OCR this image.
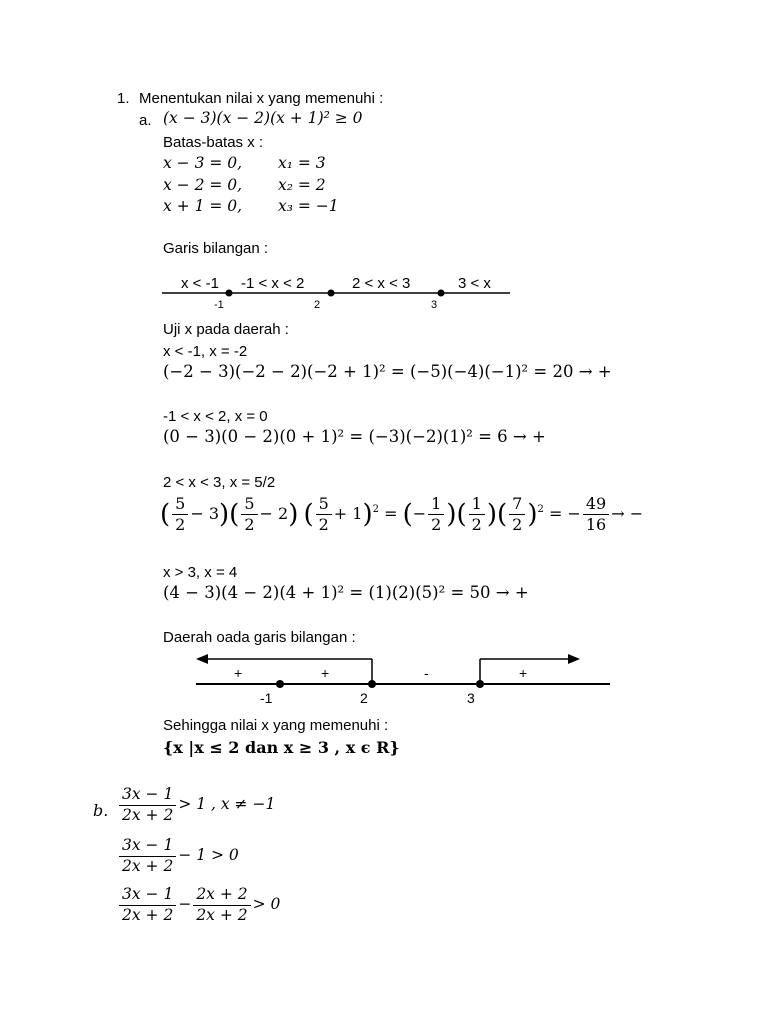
1. Menentukan nilai x yang memenuhi :
a. (x − 3)(x − 2)(x + 1)² ≥ 0
Batas-batas x :
x − 3 = 0, x₁ = 3
x − 2 = 0, x₂ = 2
x + 1 = 0, x₃ = −1
Garis bilangan :
x < -1 -1 < x < 2	2 < x < 3	3 < x
-1	2	3
Uji x pada daerah :
x < -1, x = -2
(−2 − 3)(−2 − 2)(−2 + 1)² = (−5)(−4)(−1)² = 20 → +
-1 < x < 2, x = 0
(0 − 3)(0 − 2)(0 + 1)² = (−3)(−2)(1)² = 6 → +
2 < x < 3, x = 5/2
( $\frac{5}{2} - 3)( \frac{5}{2} - 2)$ ( $\frac{5}{2} + 1)^2$ = (− $\frac{1}{2}$ )( $\frac{1}{2}$ )( $\frac{7}{2} )^2$ = − $\frac{49}{16}$ → −
x > 3, x = 4
(4 − 3)(4 − 2)(4 + 1)² = (1)(2)(5)² = 50 → +
Daerah oada garis bilangan :
+	+	-	+
-1	2	3
Sehingga nilai x yang memenuhi :
{x |x ≤ 2 dan x ≥ 3 , x ϵ R}
b. $\frac{3x - 1}{2x + 2} > 1$ , x ≠ −1
$\frac{3x - 1}{2x + 2} - 1 > 0$
$\frac{3x - 1}{2x + 2} - \frac{2x + 2}{2x + 2} > 0$
